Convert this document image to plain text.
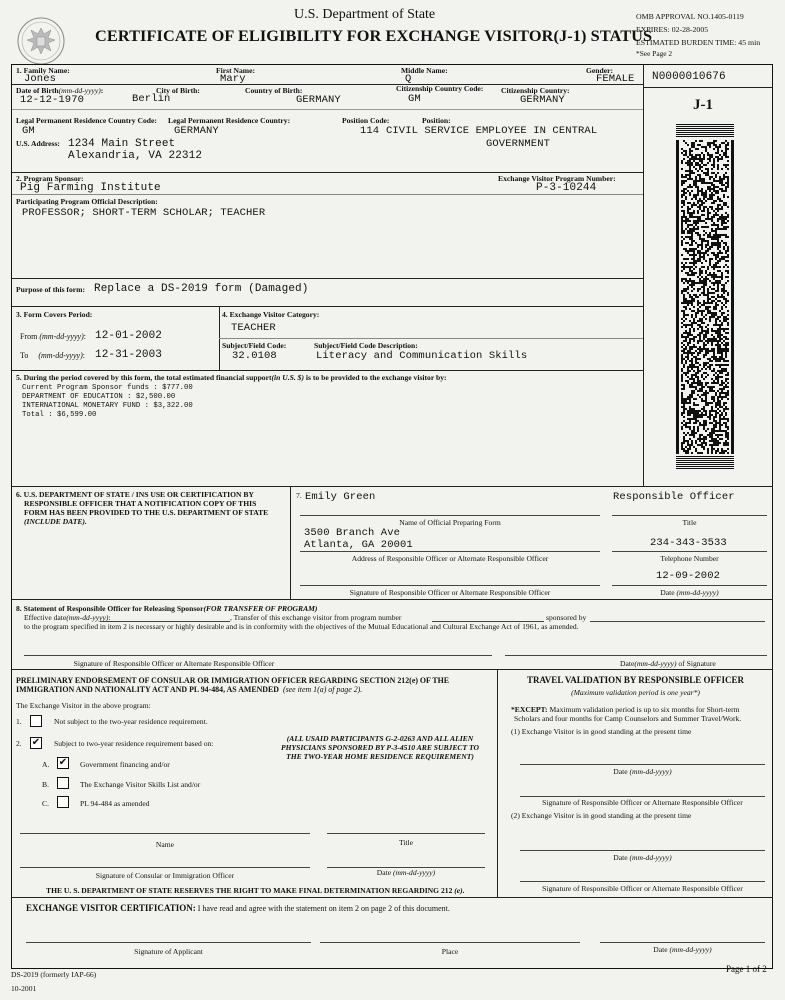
U.S. Department of State
CERTIFICATE OF ELIGIBILITY FOR EXCHANGE VISITOR(J-1) STATUS
OMB APPROVAL NO.1405-0119
EXPIRES: 02-28-2005
ESTIMATED BURDEN TIME: 45 min
*See Page 2
N0000010676
J-1
1. Family Name:
Jones
First Name:
Mary
Middle Name:
Q
Gender:
FEMALE
Date of Birth(mm-dd-yyyy):
12-12-1970
City of Birth:
Berlin
Country of Birth:
GERMANY
Citizenship Country Code:
GM
Citizenship Country:
GERMANY
Legal Permanent Residence Country Code:
GM
Legal Permanent Residence Country:
GERMANY
Position Code:
114
Position:
CIVIL SERVICE EMPLOYEE IN CENTRAL
GOVERNMENT
U.S. Address: 1234 Main Street
Alexandria, VA 22312
2. Program Sponsor:
Pig Farming Institute
Exchange Visitor Program Number:
P-3-10244
Participating Program Official Description:
PROFESSOR; SHORT-TERM SCHOLAR; TEACHER
Purpose of this form: Replace a DS-2019 form (Damaged)
3. Form Covers Period:
From (mm-dd-yyyy): 12-01-2002
To (mm-dd-yyyy): 12-31-2003
4. Exchange Visitor Category:
TEACHER
Subject/Field Code:
32.0108
Subject/Field Code Description:
Literacy and Communication Skills
5. During the period covered by this form, the total estimated financial support(in U.S. $) is to be provided to the exchange visitor by:
Current Program Sponsor funds : $777.00
DEPARTMENT OF EDUCATION : $2,500.00
INTERNATIONAL MONETARY FUND : $3,322.00
Total : $6,599.00
6. U.S. DEPARTMENT OF STATE / INS USE OR CERTIFICATION BY
RESPONSIBLE OFFICER THAT A NOTIFICATION COPY OF THIS
FORM HAS BEEN PROVIDED TO THE U.S. DEPARTMENT OF STATE
(INCLUDE DATE).
7. Emily Green	Responsible Officer
Name of Official Preparing Form	Title
3500 Branch Ave
Atlanta, GA 20001	234-343-3533
Address of Responsible Officer or Alternate Responsible Officer	Telephone Number
12-09-2002
Signature of Responsible Officer or Alternate Responsible Officer	Date (mm-dd-yyyy)
8. Statement of Responsible Officer for Releasing Sponsor(FOR TRANSFER OF PROGRAM)
Effective date(mm-dd-yyyy):	, Transfer of this exchange visitor from program number	sponsored by
to the program specified in item 2 is necessary or highly desirable and is in conformity with the objectives of the Mutual Educational and Cultural Exchange Act of 1961, as amended.
Signature of Responsible Officer or Alternate Responsible Officer	Date(mm-dd-yyyy) of Signature
PRELIMINARY ENDORSEMENT OF CONSULAR OR IMMIGRATION OFFICER REGARDING SECTION 212(e) OF THE
IMMIGRATION AND NATIONALITY ACT AND PL 94-484, AS AMENDED (see item 1(a) of page 2).
The Exchange Visitor in the above program:
1.	Not subject to the two-year residence requirement.
2. ✔ Subject to two-year residence requirement based on:
A. ✔ Government financing and/or
B.	The Exchange Visitor Skills List and/or
C.	PL 94-484 as amended
(ALL USAID PARTICIPANTS G-2-0263 AND ALL ALIEN
PHYSICIANS SPONSORED BY P-3-4510 ARE SUBJECT TO
THE TWO-YEAR HOME RESIDENCE REQUIREMENT)
Name	Title
Signature of Consular or Immigration Officer	Date (mm-dd-yyyy)
THE U. S. DEPARTMENT OF STATE RESERVES THE RIGHT TO MAKE FINAL DETERMINATION REGARDING 212 (e).
TRAVEL VALIDATION BY RESPONSIBLE OFFICER
(Maximum validation period is one year*)
*EXCEPT: Maximum validation period is up to six months for Short-term
Scholars and four months for Camp Counselors and Summer Travel/Work.
(1) Exchange Visitor is in good standing at the present time
Date (mm-dd-yyyy)
Signature of Responsible Officer or Alternate Responsible Officer
(2) Exchange Visitor is in good standing at the present time
Date (mm-dd-yyyy)
Signature of Responsible Officer or Alternate Responsible Officer
EXCHANGE VISITOR CERTIFICATION: I have read and agree with the statement on item 2 on page 2 of this document.
Signature of Applicant	Place	Date (mm-dd-yyyy)
DS-2019 (formerly IAP-66)
10-2001
Page 1 of 2
